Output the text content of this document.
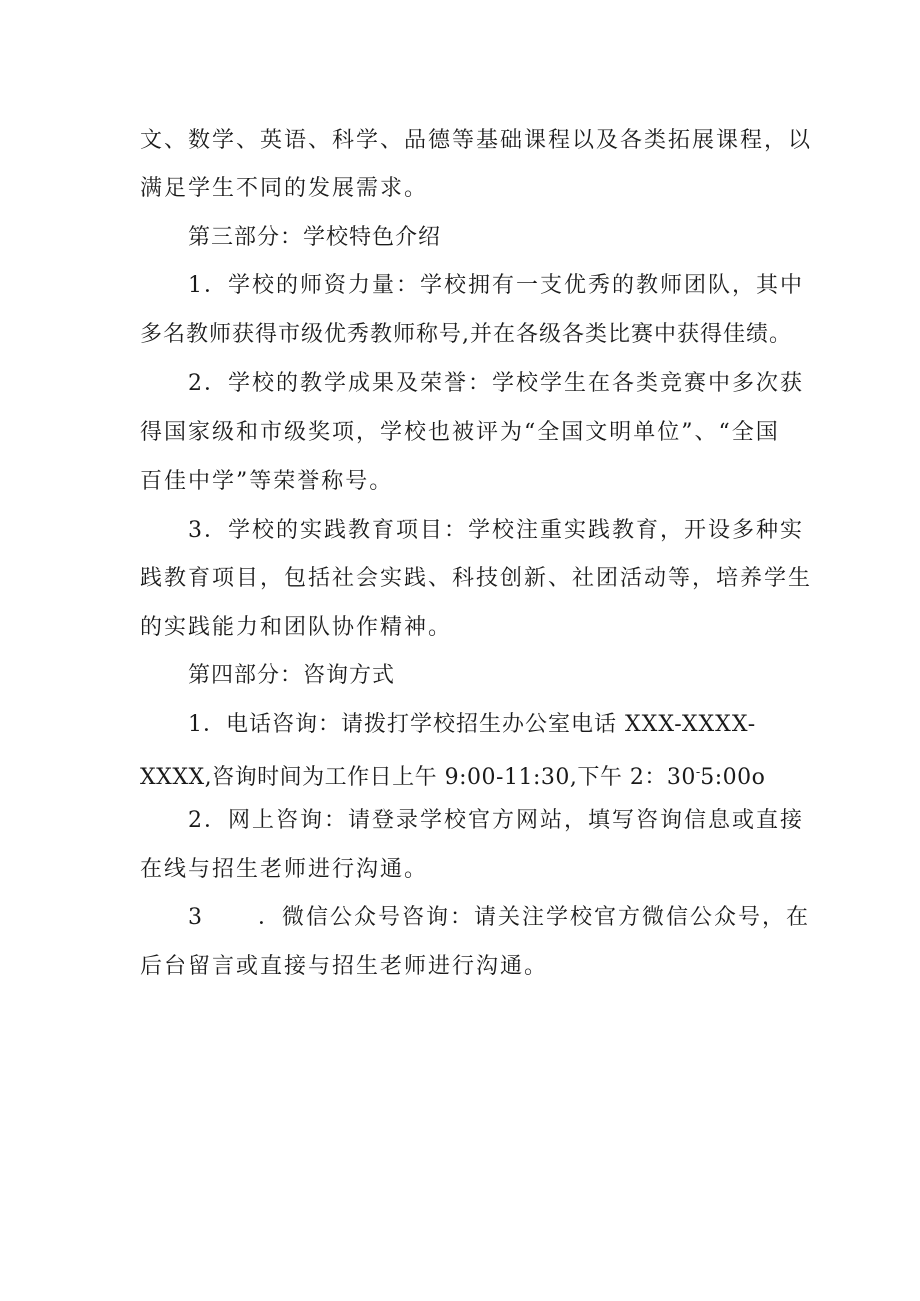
文、数学、英语、科学、品德等基础课程以及各类拓展课程，以
满足学生不同的发展需求。
第三部分：学校特色介绍
1．学校的师资力量：学校拥有一支优秀的教师团队，其中
多名教师获得市级优秀教师称号,并在各级各类比赛中获得佳绩。
2．学校的教学成果及荣誉：学校学生在各类竞赛中多次获
得国家级和市级奖项，学校也被评为“全国文明单位”、“全国
百佳中学”等荣誉称号。
3．学校的实践教育项目：学校注重实践教育，开设多种实
践教育项目，包括社会实践、科技创新、社团活动等，培养学生
的实践能力和团队协作精神。
第四部分：咨询方式
1．电话咨询：请拨打学校招生办公室电话 XXX-XXXX-
XXXX,咨询时间为工作日上午 9:00-11:30,下午 2：30-5:00o
2．网上咨询：请登录学校官方网站，填写咨询信息或直接
在线与招生老师进行沟通。
3 ．微信公众号咨询：请关注学校官方微信公众号，在
后台留言或直接与招生老师进行沟通。
